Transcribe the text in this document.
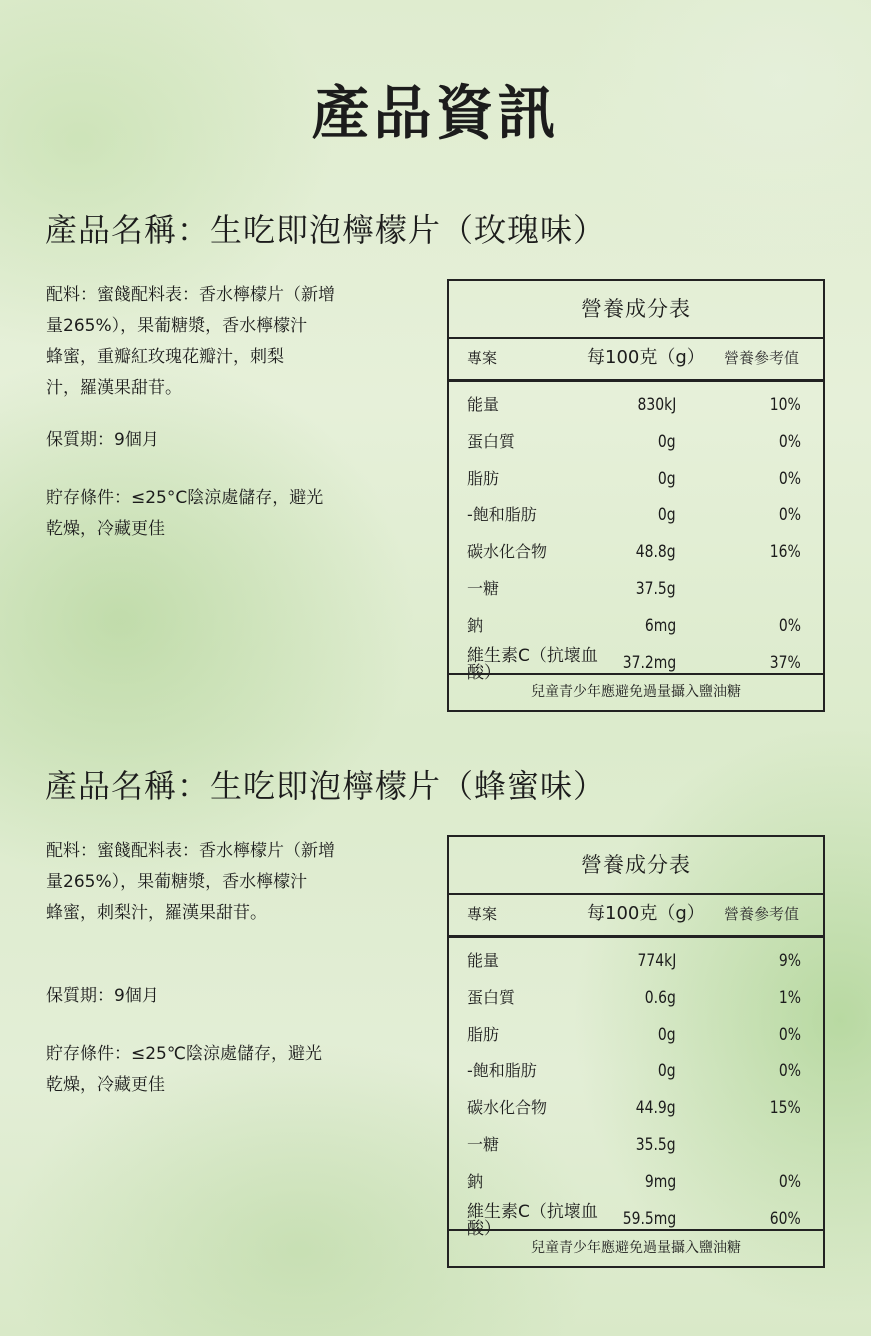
產品資訊
產品名稱：生吃即泡檸檬片（玫瑰味）

配料：蜜餞配料表：香水檸檬片（新增

量265%），果葡糖漿，香水檸檬汁

蜂蜜，重瓣紅玫瑰花瓣汁，刺梨

汁，羅漢果甜苷。

保質期：9個月

貯存條件：≤25°C陰涼處儲存，避光

乾燥，冷藏更佳

營養成分表
專案	每100克（g） 營養參考值
能量	830kJ	10%
蛋白質	0g	0%
脂肪	0g	0%
-飽和脂肪	0g	0%
碳水化合物	48.8g	16%
一糖	37.5g
鈉	6mg	0%
維生素C（抗壞血酸）	37.2mg	37%
兒童青少年應避免過量攝入鹽油糖
產品名稱：生吃即泡檸檬片（蜂蜜味）

配料：蜜餞配料表：香水檸檬片（新增

量265%），果葡糖漿，香水檸檬汁

蜂蜜，刺梨汁，羅漢果甜苷。

保質期：9個月

貯存條件：≤25℃陰涼處儲存，避光

乾燥，冷藏更佳

營養成分表
專案	每100克（g） 營養參考值
能量	774kJ	9%
蛋白質	0.6g	1%
脂肪	0g	0%
-飽和脂肪	0g	0%
碳水化合物	44.9g	15%
一糖	35.5g
鈉	9mg	0%
維生素C（抗壞血酸）	59.5mg	60%
兒童青少年應避免過量攝入鹽油糖
